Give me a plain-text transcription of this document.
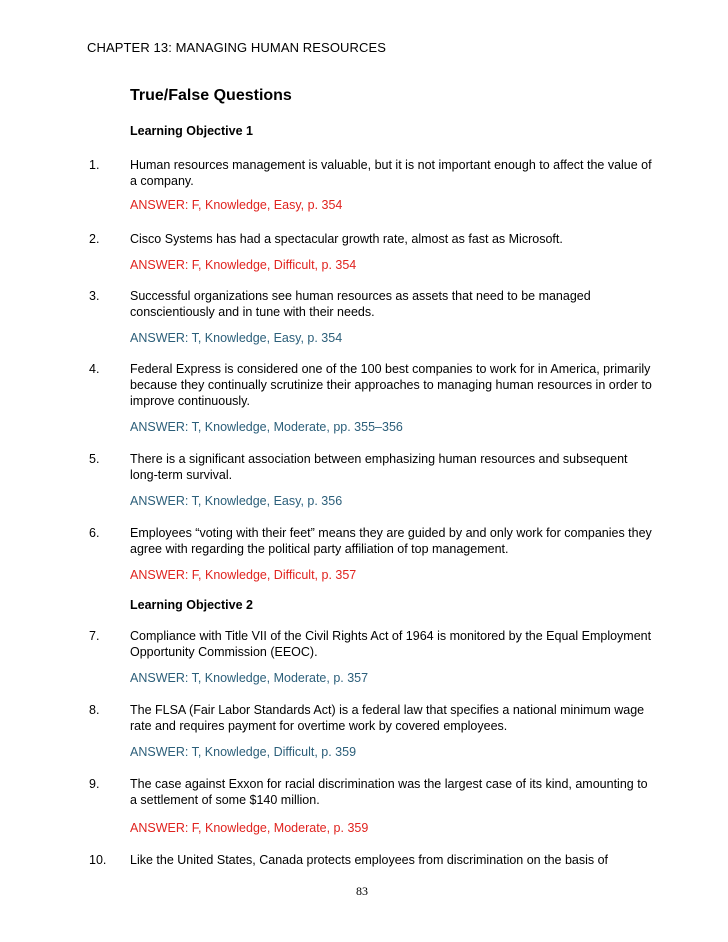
CHAPTER 13: MANAGING HUMAN RESOURCES
True/False Questions
Learning Objective 1
1. Human resources management is valuable, but it is not important enough to affect the value of a company.
ANSWER: F, Knowledge, Easy, p. 354
2. Cisco Systems has had a spectacular growth rate, almost as fast as Microsoft.
ANSWER: F, Knowledge, Difficult, p. 354
3. Successful organizations see human resources as assets that need to be managed conscientiously and in tune with their needs.
ANSWER: T, Knowledge, Easy, p. 354
4. Federal Express is considered one of the 100 best companies to work for in America, primarily because they continually scrutinize their approaches to managing human resources in order to improve continuously.
ANSWER: T, Knowledge, Moderate, pp. 355–356
5. There is a significant association between emphasizing human resources and subsequent long-term survival.
ANSWER: T, Knowledge, Easy, p. 356
6. Employees “voting with their feet” means they are guided by and only work for companies they agree with regarding the political party affiliation of top management.
ANSWER: F, Knowledge, Difficult, p. 357
Learning Objective 2
7. Compliance with Title VII of the Civil Rights Act of 1964 is monitored by the Equal Employment Opportunity Commission (EEOC).
ANSWER: T, Knowledge, Moderate, p. 357
8. The FLSA (Fair Labor Standards Act) is a federal law that specifies a national minimum wage rate and requires payment for overtime work by covered employees.
ANSWER: T, Knowledge, Difficult, p. 359
9. The case against Exxon for racial discrimination was the largest case of its kind, amounting to a settlement of some $140 million.
ANSWER: F, Knowledge, Moderate, p. 359
10. Like the United States, Canada protects employees from discrimination on the basis of
83
